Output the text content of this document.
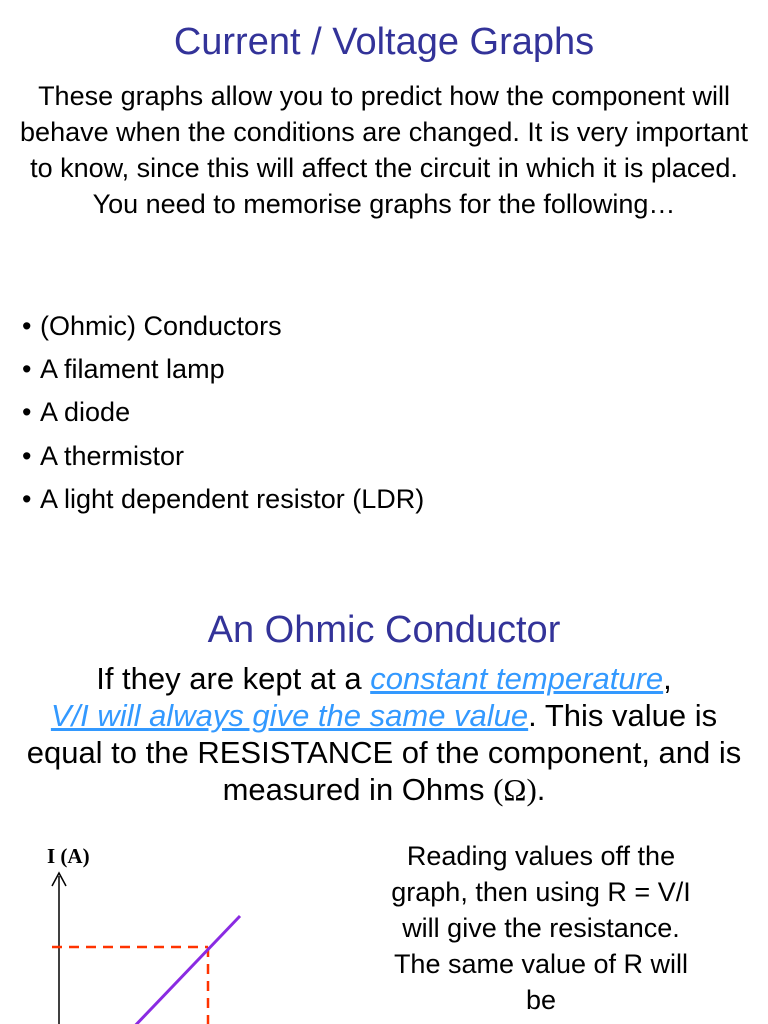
Current / Voltage Graphs
These graphs allow you to predict how the component will behave when the conditions are changed. It is very important to know, since this will affect the circuit in which it is placed. You need to memorise graphs for the following…
• (Ohmic) Conductors
• A filament lamp
• A diode
• A thermistor
• A light dependent resistor (LDR)
An Ohmic Conductor
If they are kept at a constant temperature,
V/I will always give the same value. This value is equal to the RESISTANCE of the component, and is measured in Ohms (Ω).
I (A)	Reading values off the graph, then using R = V/I will give the resistance. The same value of R will be
